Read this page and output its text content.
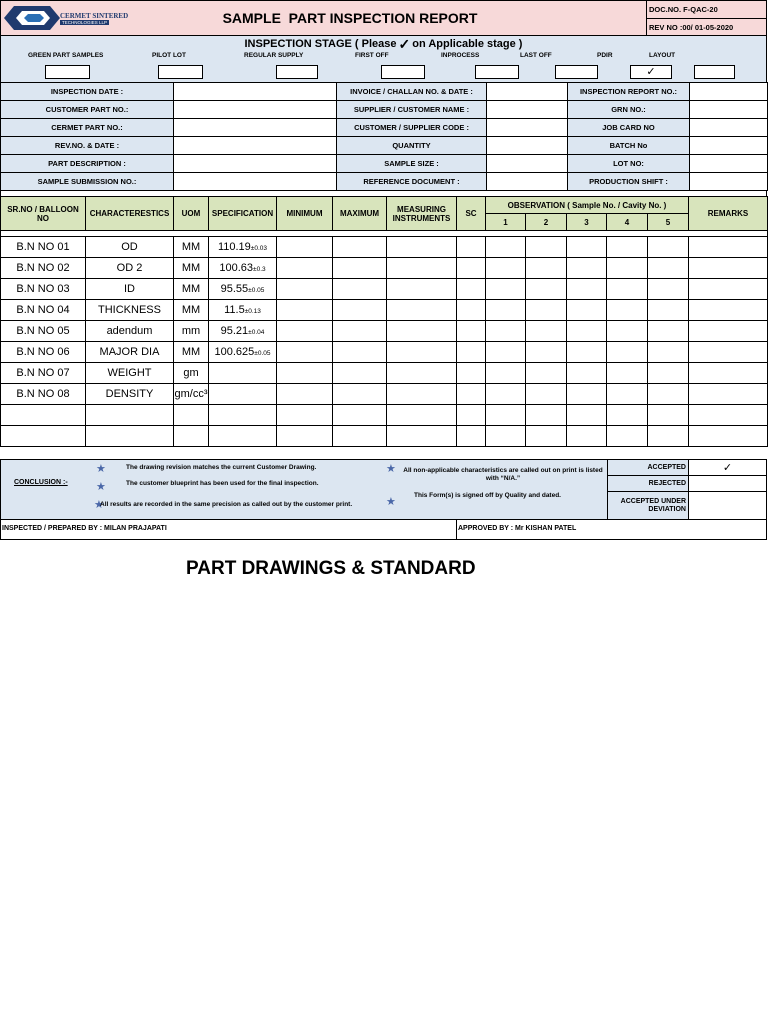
CERMET SINTERED
TECHNOLOGIES LLP	SAMPLE  PART INSPECTION REPORT
DOC.NO. F-QAC-20
REV NO :00/ 01-05-2020
INSPECTION STAGE ( Please ✓ on Applicable stage )
GREEN PART SAMPLES	PILOT LOT	REGULAR SUPPLY	FIRST OFF	INPROCESS	LAST OFF	PDIR	LAYOUT
✓
INSPECTION DATE :		INVOICE / CHALLAN NO. & DATE :		INSPECTION REPORT NO.:	
CUSTOMER PART NO.:		SUPPLIER / CUSTOMER NAME :		GRN NO.:	
CERMET PART NO.:		CUSTOMER / SUPPLIER CODE :		JOB CARD NO	
REV.NO. & DATE :		QUANTITY		BATCH No	
PART DESCRIPTION :		SAMPLE SIZE :		LOT NO:	
SAMPLE SUBMISSION NO.:		REFERENCE DOCUMENT :		PRODUCTION SHIFT :	
SR.NO / BALLOON NO	CHARACTERESTICS	UOM	SPECIFICATION	MINIMUM	MAXIMUM	MEASURING INSTRUMENTS	SC	OBSERVATION ( Sample No. / Cavity No. )					REMARKS
								1	2	3	4	5	

B.N NO 01	OD	MM	110.19±0.03										
B.N NO 02	OD 2	MM	100.63±0.3										
B.N NO 03	ID	MM	95.55±0.05										
B.N NO 04	THICKNESS	MM	11.5±0.13										
B.N NO 05	adendum	mm	95.21±0.04										
B.N NO 06	MAJOR DIA	MM	100.625±0.05										
B.N NO 07	WEIGHT	gm											
B.N NO 08	DENSITY	gm/cc³											

CONCLUSION :-
★	The drawing revision matches the current Customer Drawing.
★	The customer blueprint has been used for the final inspection.
★
All results are recorded in the same precision as called out by the customer print.
★	All non-applicable characteristics are called out on print is listed with “N/A.”
★
This Form(s) is signed off by Quality and dated.
ACCEPTED	✓
REJECTED
ACCEPTED UNDER DEVIATION
INSPECTED / PREPARED BY : MILAN PRAJAPATI	APPROVED BY : Mr KISHAN PATEL
PART DRAWINGS & STANDARD
